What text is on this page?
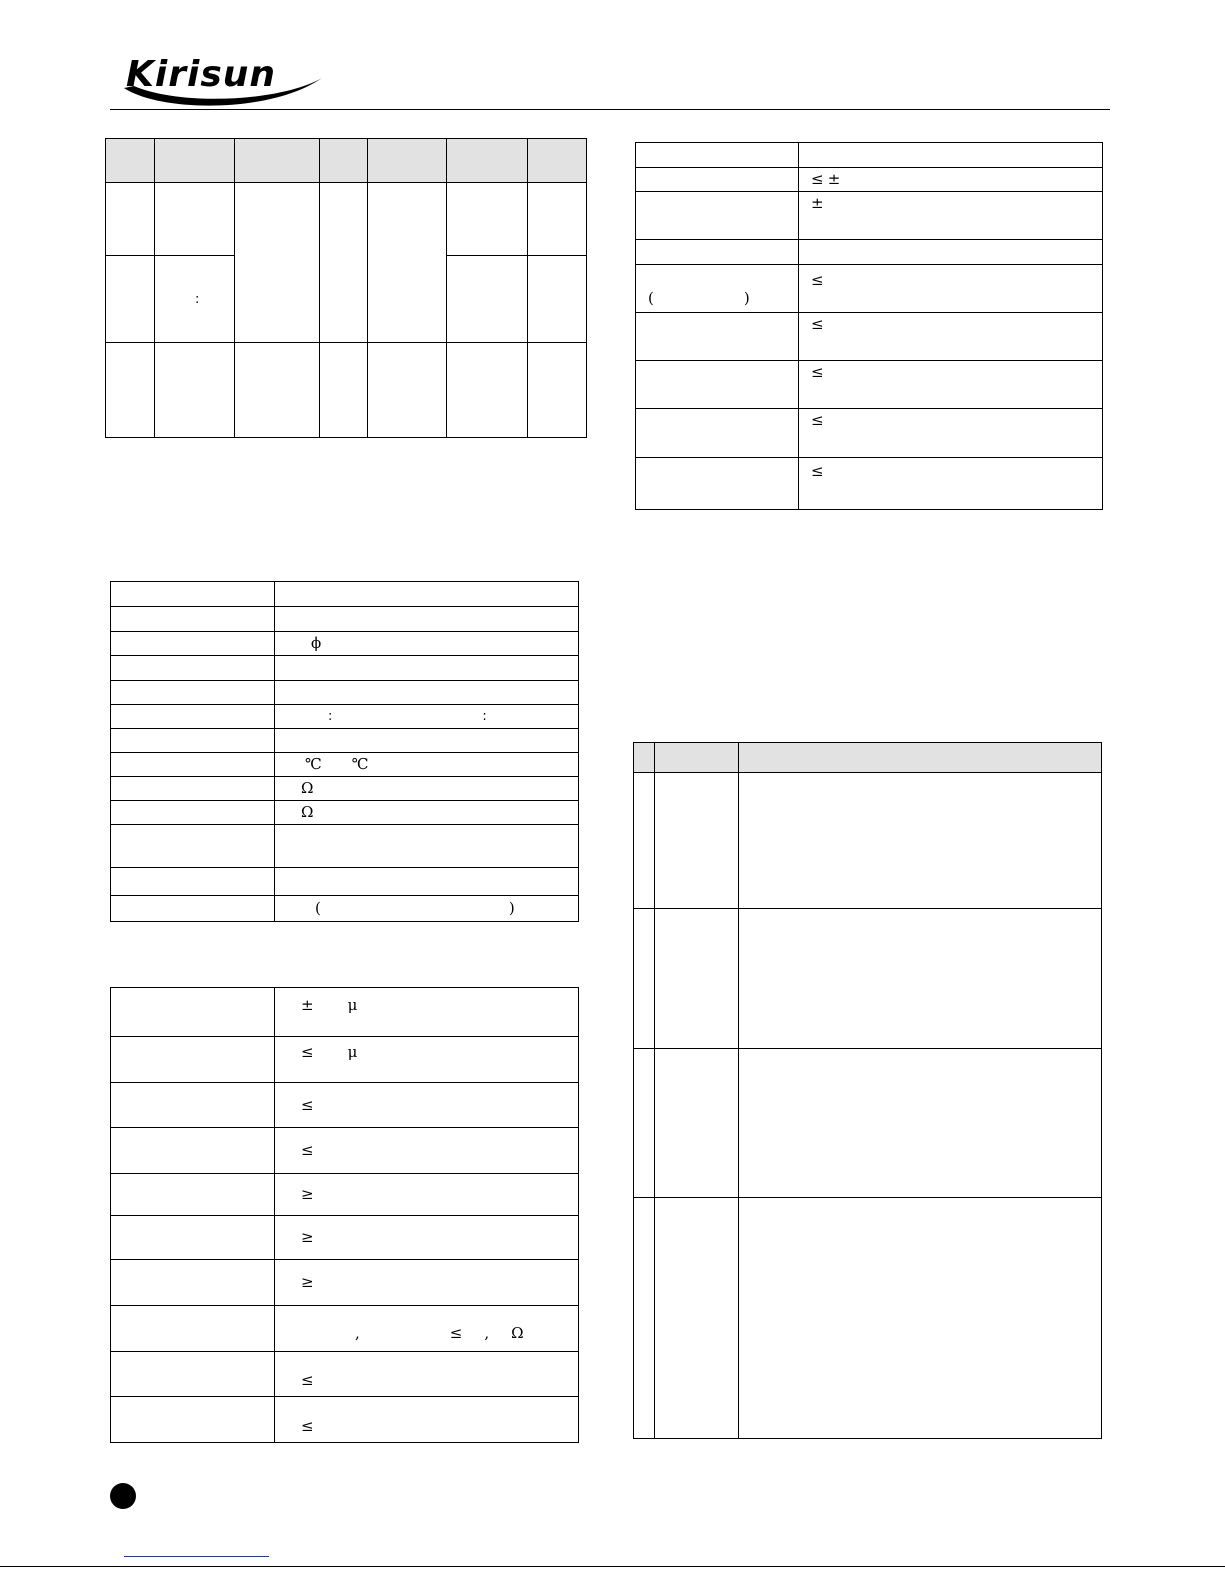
Kirisun

	:					

	ϕ

	: :

	℃ ℃
	Ω
	Ω

	( )
	± μ
	≤ μ
	≤
	≤
	≥
	≥
	≥
	, ≤ , Ω
	≤
	≤

	≤ ±
	±

( )	≤
	≤
	≤
	≤
	≤
